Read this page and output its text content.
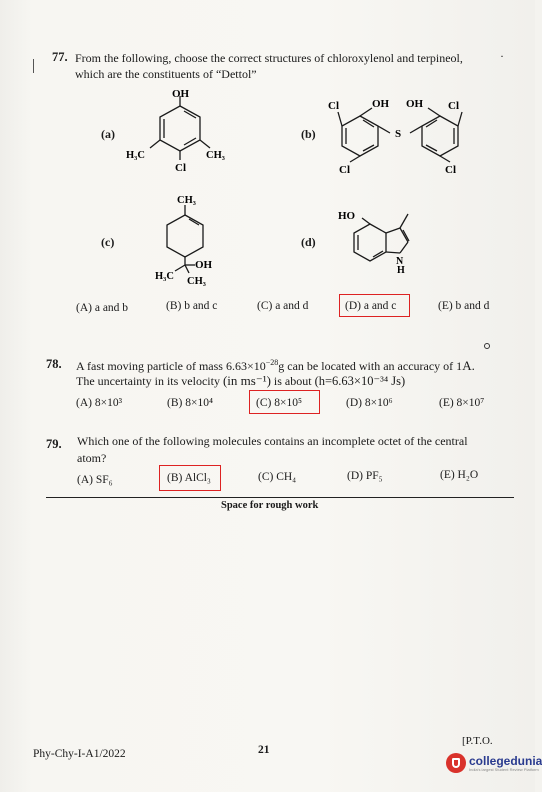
77. From the following, choose the correct structures of chloroxylenol and terpineol,	·
which are the constituents of “Dettol”
(a)
OH
H₃C	CH₃
Cl
(b)
Cl	OH OH Cl
S
Cl	Cl
(c)
CH₃
OH
H₃C CH₃
(d)
HO
N
H
(A) a and b	(B) b and c	(C) a and d	(D) a and c	(E) b and d
78. A fast moving particle of mass $6.63\times 10^{-28}g$ can be located with an accuracy of 1A.
The uncertainty in its velocity (in ms⁻¹) is about (h=6.63×10⁻³⁴ Js)
(A) 8×10³	(B) 8×10⁴	(C) 8×10⁵	(D) 8×10⁶	(E) 8×10⁷
79. Which one of the following molecules contains an incomplete octet of the central
atom?
(A) SF₆	(B) AlCl₃	(C) CH₄	(D) PF₅	(E) H₂O
Space for rough work
Phy-Chy-I-A1/2022	21
[P.T.O.
collegedunia
India's largest Student Review Platform
